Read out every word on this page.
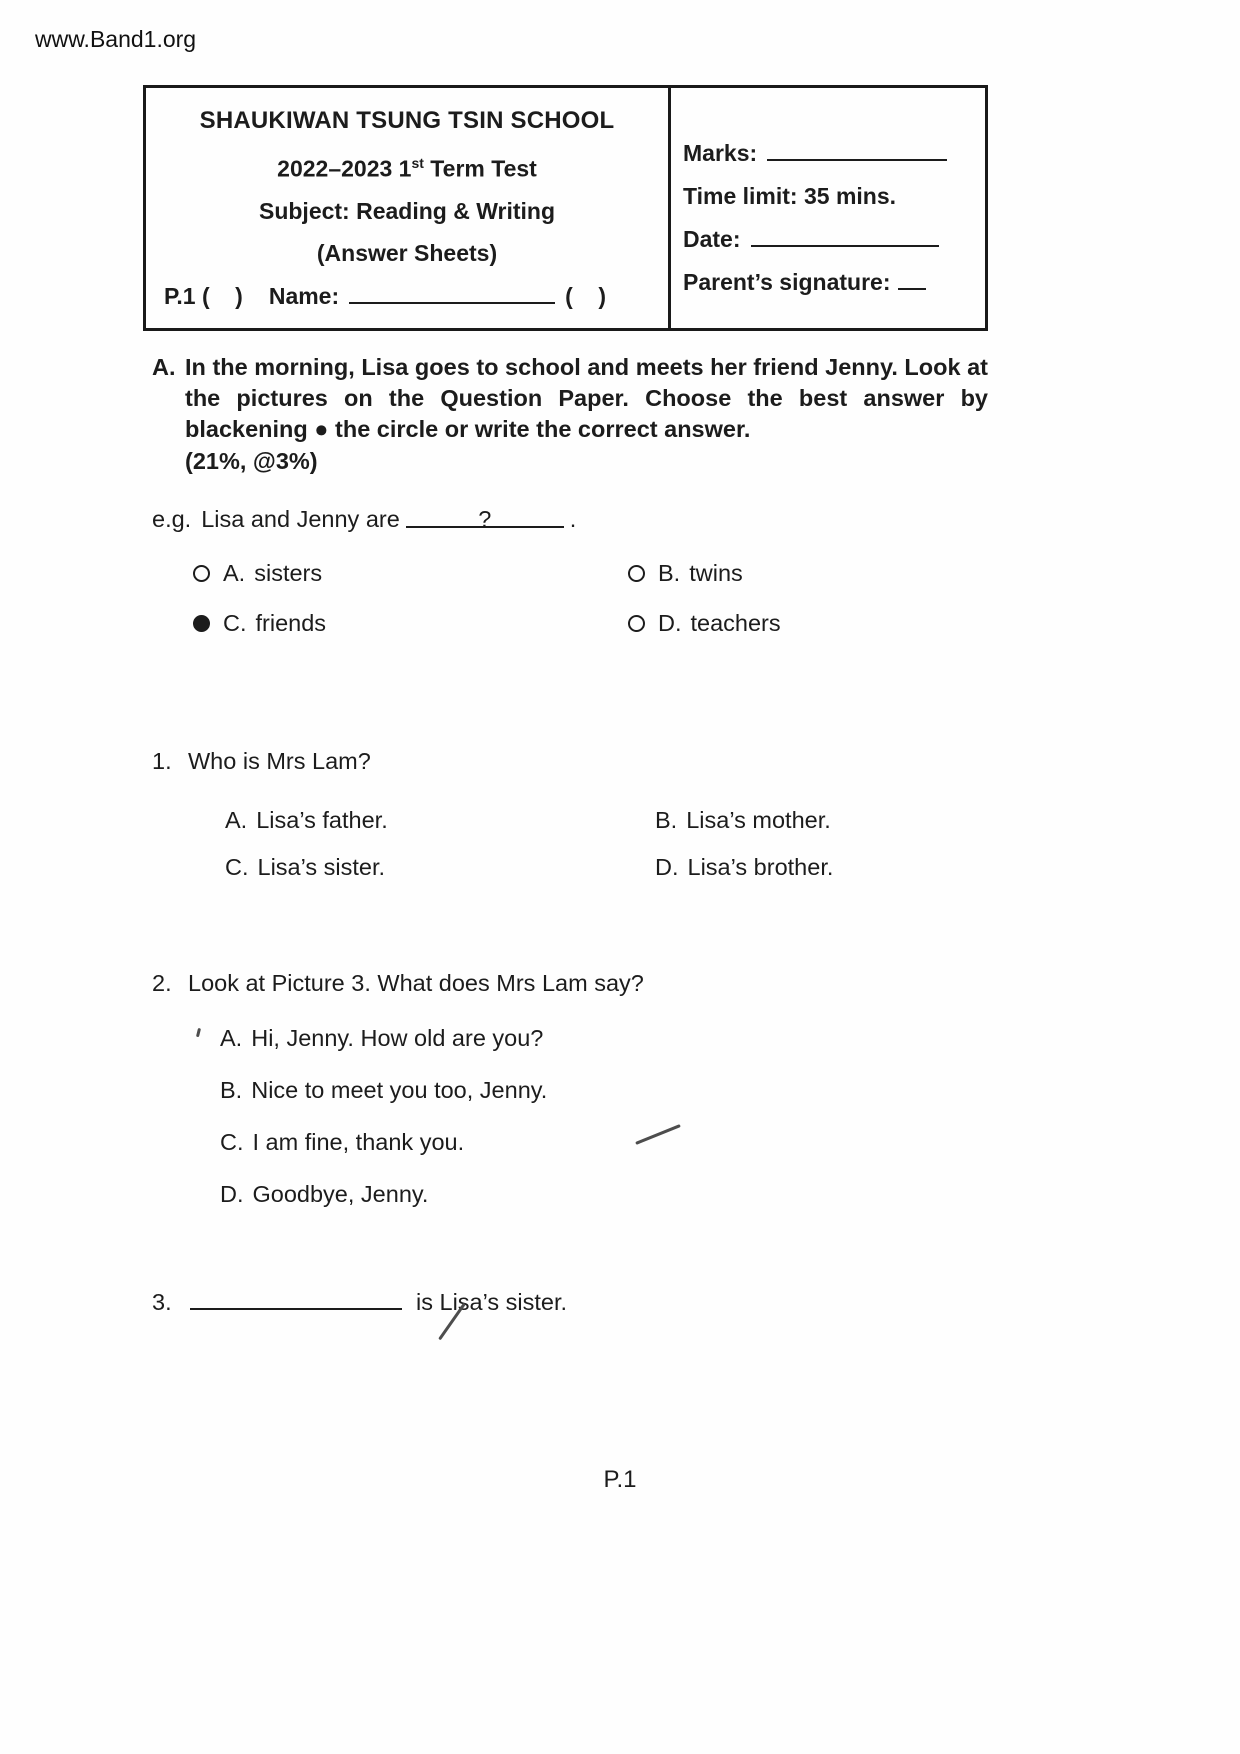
www.Band1.org
SHAUKIWAN TSUNG TSIN SCHOOL
2022–2023 1st Term Test
Subject: Reading & Writing
(Answer Sheets)
P.1 (    ) Name:	(    )
Marks:
Time limit: 35 mins.
Date:
Parent’s signature:
A. In the morning, Lisa goes to school and meets her friend Jenny. Look at the pictures on the Question Paper. Choose the best answer by blackening ● the circle or write the correct answer.
(21%, @3%)
e.g. Lisa and Jenny are	?	.
A. sisters	B. twins
C. friends	D. teachers
1. Who is Mrs Lam?
A. Lisa’s father.	B. Lisa’s mother.
C. Lisa’s sister.	D. Lisa’s brother.
2. Look at Picture 3. What does Mrs Lam say?
A. Hi, Jenny. How old are you?
B. Nice to meet you too, Jenny.
C. I am fine, thank you.
D. Goodbye, Jenny.
3.	is Lisa’s sister.
P.1
